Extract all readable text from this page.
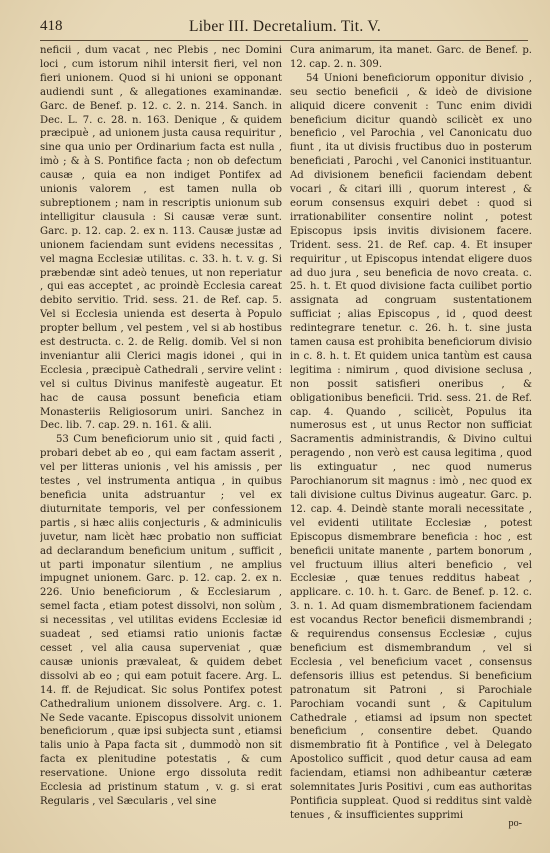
418	Liber III. Decretalium. Tit. V.

neficii , dum vacat , nec Plebis , nec Domini loci , cum istorum nihil intersit fieri, vel non fieri unionem. Quod si hi unioni se opponant audiendi sunt , & allegationes examinandæ. Garc. de Benef. p. 12. c. 2. n. 214. Sanch. in Dec. L. 7. c. 28. n. 163. Denique , & quidem præcipuè , ad unionem justa causa requiritur , sine qua unio per Ordinarium facta est nulla , imò ; & à S. Pontifice facta ; non ob defectum causæ , quia ea non indiget Pontifex ad unionis valorem , est tamen nulla ob subreptionem ; nam in rescriptis unionum sub intelligitur clausula : Si causæ veræ sunt. Garc. p. 12. cap. 2. ex n. 113. Causæ justæ ad unionem faciendam sunt evidens necessitas , vel magna Ecclesiæ utilitas. c. 33. h. t. v. g. Si præbendæ sint adeò tenues, ut non reperiatur , qui eas acceptet , ac proindè Ecclesia careat debito servitio. Trid. sess. 21. de Ref. cap. 5. Vel si Ecclesia unienda est deserta à Populo propter bellum , vel pestem , vel si ab hostibus est destructa. c. 2. de Relig. domib. Vel si non inveniantur alii Clerici magis idonei , qui in Ecclesia , præcipuè Cathedrali , servire velint : vel si cultus Divinus manifestè augeatur. Et hac de causa possunt beneficia etiam Monasteriis Religiosorum uniri. Sanchez in Dec. lib. 7. cap. 29. n. 161. & alii.

53 Cum beneficiorum unio sit , quid facti , probari debet ab eo , qui eam factam asserit , vel per litteras unionis , vel his amissis , per testes , vel instrumenta antiqua , in quibus beneficia unita adstruantur ; vel ex diuturnitate temporis, vel per confessionem partis , si hæc aliis conjecturis , & adminiculis juvetur, nam licèt hæc probatio non sufficiat ad declarandum beneficium unitum , sufficit , ut parti imponatur silentium , ne amplius impugnet unionem. Garc. p. 12. cap. 2. ex n. 226. Unio beneficiorum , & Ecclesiarum , semel facta , etiam potest dissolvi, non solùm , si necessitas , vel utilitas evidens Ecclesiæ id suadeat , sed etiamsi ratio unionis factæ cesset , vel alia causa superveniat , quæ causæ unionis prævaleat, & quidem debet dissolvi ab eo ; qui eam potuit facere. Arg. L. 14. ff. de Rejudicat. Sic solus Pontifex potest Cathedralium unionem dissolvere. Arg. c. 1. Ne Sede vacante. Episcopus dissolvit unionem beneficiorum , quæ ipsi subjecta sunt , etiamsi talis unio à Papa facta sit , dummodò non sit facta ex plenitudine potestatis , & cum reservatione. Unione ergo dissoluta redit Ecclesia ad pristinum statum , v. g. si erat Regularis , vel Sæcularis , vel sine

Cura animarum, ita manet. Garc. de Benef. p. 12. cap. 2. n. 309.

54 Unioni beneficiorum opponitur divisio , seu sectio beneficii , & ideò de divisione aliquid dicere convenit : Tunc enim dividi beneficium dicitur quandò scilicèt ex uno beneficio , vel Parochia , vel Canonicatu duo fiunt , ita ut divisis fructibus duo in posterum beneficiati , Parochi , vel Canonici instituantur. Ad divisionem beneficii faciendam debent vocari , & citari illi , quorum interest , & eorum consensus exquiri debet : quod si irrationabiliter consentire nolint , potest Episcopus ipsis invitis divisionem facere. Trident. sess. 21. de Ref. cap. 4. Et insuper requiritur , ut Episcopus intendat eligere duos ad duo jura , seu beneficia de novo creata. c. 25. h. t. Et quod divisione facta cuilibet portio assignata ad congruam sustentationem sufficiat ; alias Episcopus , id , quod deest redintegrare tenetur. c. 26. h. t. sine justa tamen causa est prohibita beneficiorum divisio in c. 8. h. t. Et quidem unica tantùm est causa legitima : nimirum , quod divisione seclusa , non possit satisfieri oneribus , & obligationibus beneficii. Trid. sess. 21. de Ref. cap. 4. Quando , scilicèt, Populus ita numerosus est , ut unus Rector non sufficiat Sacramentis administrandis, & Divino cultui peragendo , non verò est causa legitima , quod lis extinguatur , nec quod numerus Parochianorum sit magnus : imò , nec quod ex tali divisione cultus Divinus augeatur. Garc. p. 12. cap. 4. Deindè stante morali necessitate , vel evidenti utilitate Ecclesiæ , potest Episcopus dismembrare beneficia : hoc , est beneficii unitate manente , partem bonorum , vel fructuum illius alteri beneficio , vel Ecclesiæ , quæ tenues redditus habeat , applicare. c. 10. h. t. Garc. de Benef. p. 12. c. 3. n. 1. Ad quam dismembrationem faciendam est vocandus Rector beneficii dismembrandi ; & requirendus consensus Ecclesiæ , cujus beneficium est dismembrandum , vel si Ecclesia , vel beneficium vacet , consensus defensoris illius est petendus. Si beneficium patronatum sit Patroni , si Parochiale Parochiam vocandi sunt , & Capitulum Cathedrale , etiamsi ad ipsum non spectet beneficium , consentire debet. Quando dismembratio fit à Pontifice , vel à Delegato Apostolico sufficit , quod detur causa ad eam faciendam, etiamsi non adhibeantur cæteræ solemnitates Juris Positivi , cum eas authoritas Pontificia suppleat. Quod si redditus sint valdè tenues , & insufficientes supprimi

po-
